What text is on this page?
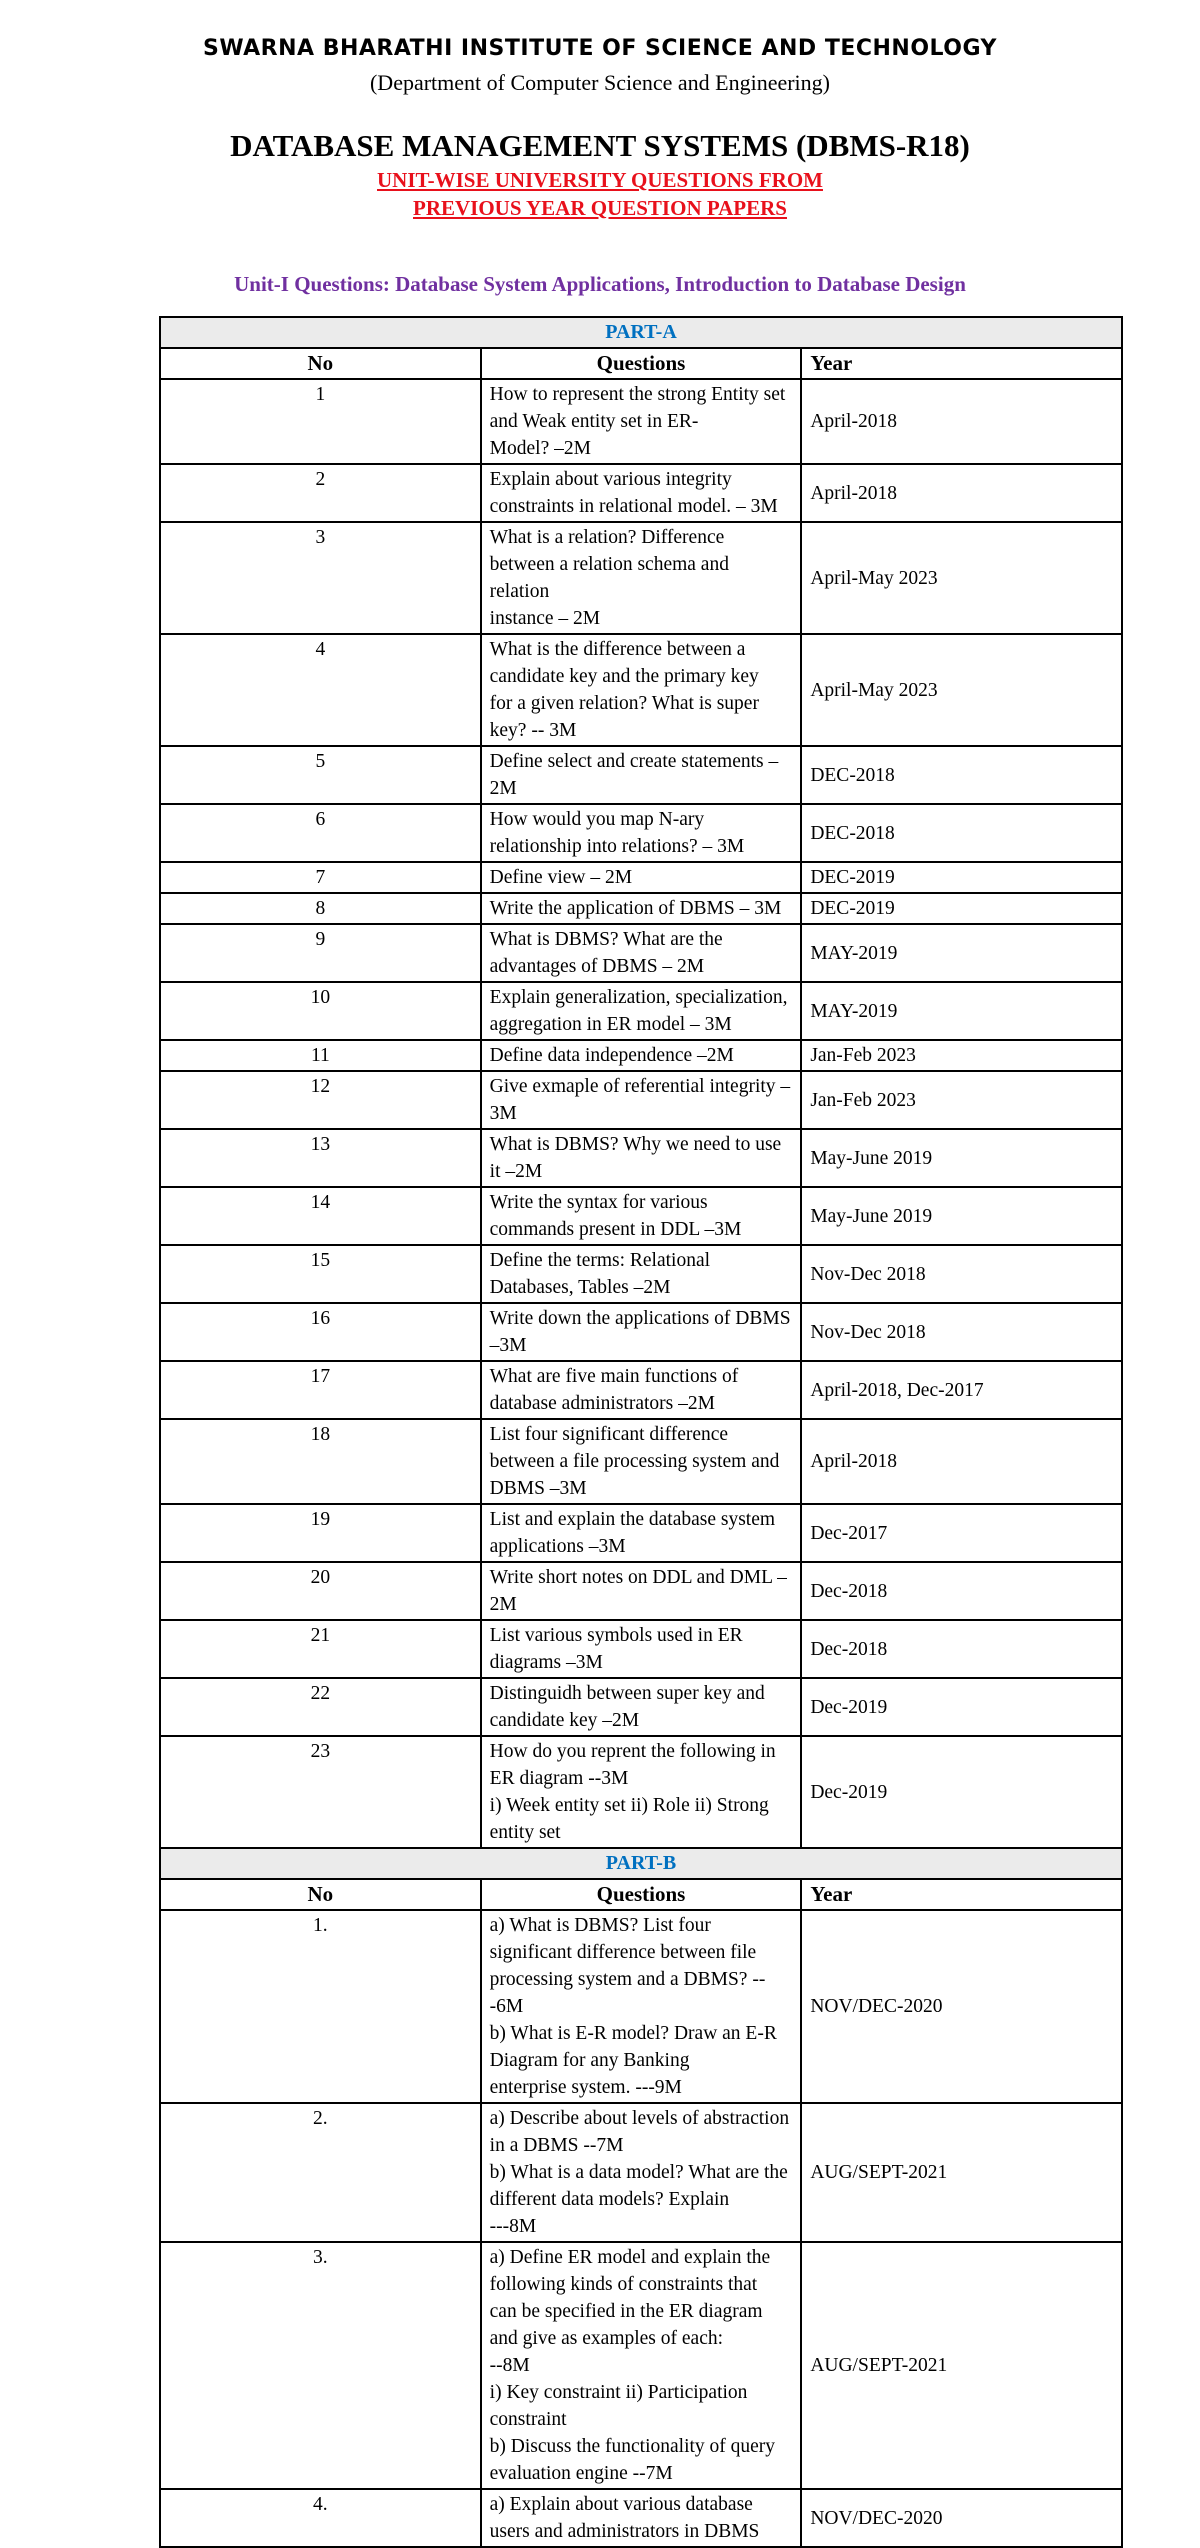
SWARNA BHARATHI INSTITUTE OF SCIENCE AND TECHNOLOGY
(Department of Computer Science and Engineering)
DATABASE MANAGEMENT SYSTEMS (DBMS-R18)
UNIT-WISE UNIVERSITY QUESTIONS FROM
PREVIOUS YEAR QUESTION PAPERS
Unit-I Questions: Database System Applications, Introduction to Database Design
PART-A		
No	Questions	Year
1	How to represent the strong Entity set and Weak entity set in ER-
Model? –2M	April-2018
2	Explain about various integrity constraints in relational model. – 3M	April-2018
3	What is a relation? Difference between a relation schema and relation
instance – 2M	April-May 2023
4	What is the difference between a candidate key and the primary key
for a given relation? What is super key? -- 3M	April-May 2023
5	Define select and create statements – 2M	DEC-2018
6	How would you map N-ary relationship into relations? – 3M	DEC-2018
7	Define view – 2M	DEC-2019
8	Write the application of DBMS – 3M	DEC-2019
9	What is DBMS? What are the advantages of DBMS – 2M	MAY-2019
10	Explain generalization, specialization, aggregation in ER model – 3M	MAY-2019
11	Define data independence –2M	Jan-Feb 2023
12	Give exmaple of referential integrity –3M	Jan-Feb 2023
13	What is DBMS? Why we need to use it –2M	May-June 2019
14	Write the syntax for various commands present in DDL –3M	May-June 2019
15	Define the terms: Relational Databases, Tables –2M	Nov-Dec 2018
16	Write down the applications of DBMS –3M	Nov-Dec 2018
17	What are five main functions of database administrators –2M	April-2018, Dec-2017
18	List four significant difference between a file processing system and
DBMS –3M	April-2018
19	List and explain the database system applications –3M	Dec-2017
20	Write short notes on DDL and DML –2M	Dec-2018
21	List various symbols used in ER diagrams –3M	Dec-2018
22	Distinguidh between super key and candidate key –2M	Dec-2019
23	How do you reprent the following in ER diagram --3M
i) Week entity set ii) Role ii) Strong entity set	Dec-2019
PART-B		
No	Questions	Year
1.	a) What is DBMS? List four significant difference between file
processing system and a DBMS? ---6M
b) What is E-R model? Draw an E-R Diagram for any Banking
enterprise system. ---9M	NOV/DEC-2020
2.	a) Describe about levels of abstraction in a DBMS --7M
b) What is a data model? What are the different data models? Explain
---8M	AUG/SEPT-2021
3.	a) Define ER model and explain the following kinds of constraints that
can be specified in the ER diagram and give as examples of each:
--8M
i) Key constraint ii) Participation constraint
b) Discuss the functionality of query evaluation engine --7M	AUG/SEPT-2021
4.	a) Explain about various database users and administrators in DBMS	NOV/DEC-2020
